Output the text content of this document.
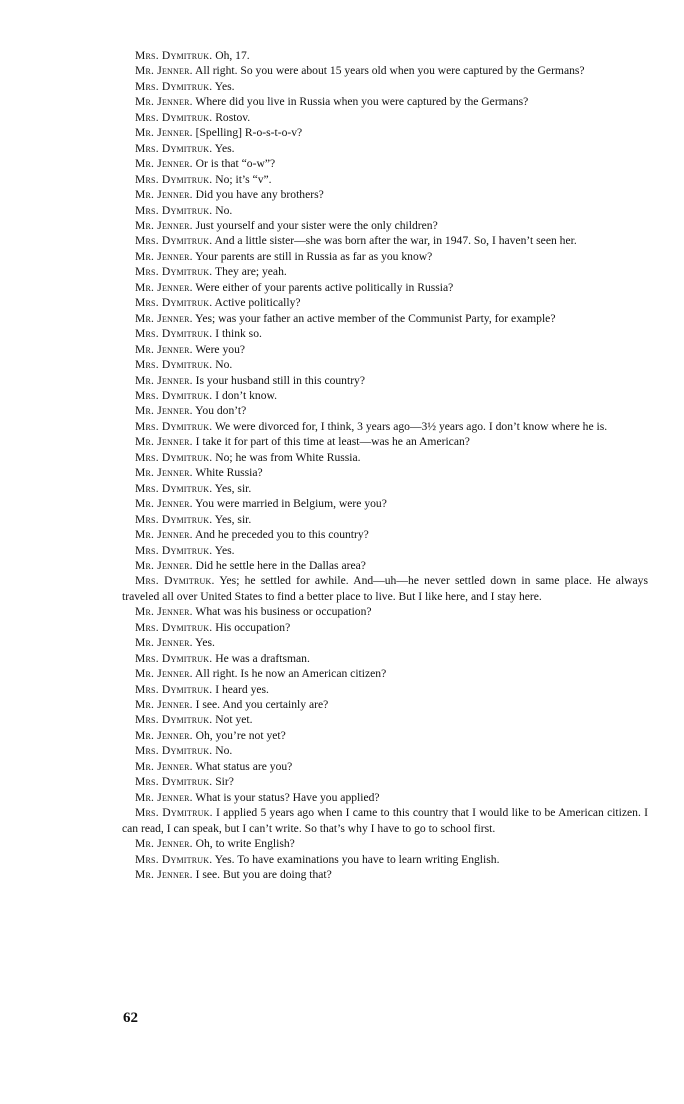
Mrs. Dymitruk. Oh, 17.

Mr. Jenner. All right. So you were about 15 years old when you were captured by the Germans?

Mrs. Dymitruk. Yes.

Mr. Jenner. Where did you live in Russia when you were captured by the Germans?

Mrs. Dymitruk. Rostov.

Mr. Jenner. [Spelling] R-o-s-t-o-v?

Mrs. Dymitruk. Yes.

Mr. Jenner. Or is that “o-w”?

Mrs. Dymitruk. No; it’s “v”.

Mr. Jenner. Did you have any brothers?

Mrs. Dymitruk. No.

Mr. Jenner. Just yourself and your sister were the only children?

Mrs. Dymitruk. And a little sister—she was born after the war, in 1947. So, I haven’t seen her.

Mr. Jenner. Your parents are still in Russia as far as you know?

Mrs. Dymitruk. They are; yeah.

Mr. Jenner. Were either of your parents active politically in Russia?

Mrs. Dymitruk. Active politically?

Mr. Jenner. Yes; was your father an active member of the Communist Party, for example?

Mrs. Dymitruk. I think so.

Mr. Jenner. Were you?

Mrs. Dymitruk. No.

Mr. Jenner. Is your husband still in this country?

Mrs. Dymitruk. I don’t know.

Mr. Jenner. You don’t?

Mrs. Dymitruk. We were divorced for, I think, 3 years ago—3½ years ago. I don’t know where he is.

Mr. Jenner. I take it for part of this time at least—was he an American?

Mrs. Dymitruk. No; he was from White Russia.

Mr. Jenner. White Russia?

Mrs. Dymitruk. Yes, sir.

Mr. Jenner. You were married in Belgium, were you?

Mrs. Dymitruk. Yes, sir.

Mr. Jenner. And he preceded you to this country?

Mrs. Dymitruk. Yes.

Mr. Jenner. Did he settle here in the Dallas area?

Mrs. Dymitruk. Yes; he settled for awhile. And—uh—he never settled down in same place. He always traveled all over United States to find a better place to live. But I like here, and I stay here.

Mr. Jenner. What was his business or occupation?

Mrs. Dymitruk. His occupation?

Mr. Jenner. Yes.

Mrs. Dymitruk. He was a draftsman.

Mr. Jenner. All right. Is he now an American citizen?

Mrs. Dymitruk. I heard yes.

Mr. Jenner. I see. And you certainly are?

Mrs. Dymitruk. Not yet.

Mr. Jenner. Oh, you’re not yet?

Mrs. Dymitruk. No.

Mr. Jenner. What status are you?

Mrs. Dymitruk. Sir?

Mr. Jenner. What is your status? Have you applied?

Mrs. Dymitruk. I applied 5 years ago when I came to this country that I would like to be American citizen. I can read, I can speak, but I can’t write. So that’s why I have to go to school first.

Mr. Jenner. Oh, to write English?

Mrs. Dymitruk. Yes. To have examinations you have to learn writing English.

Mr. Jenner. I see. But you are doing that?

62
